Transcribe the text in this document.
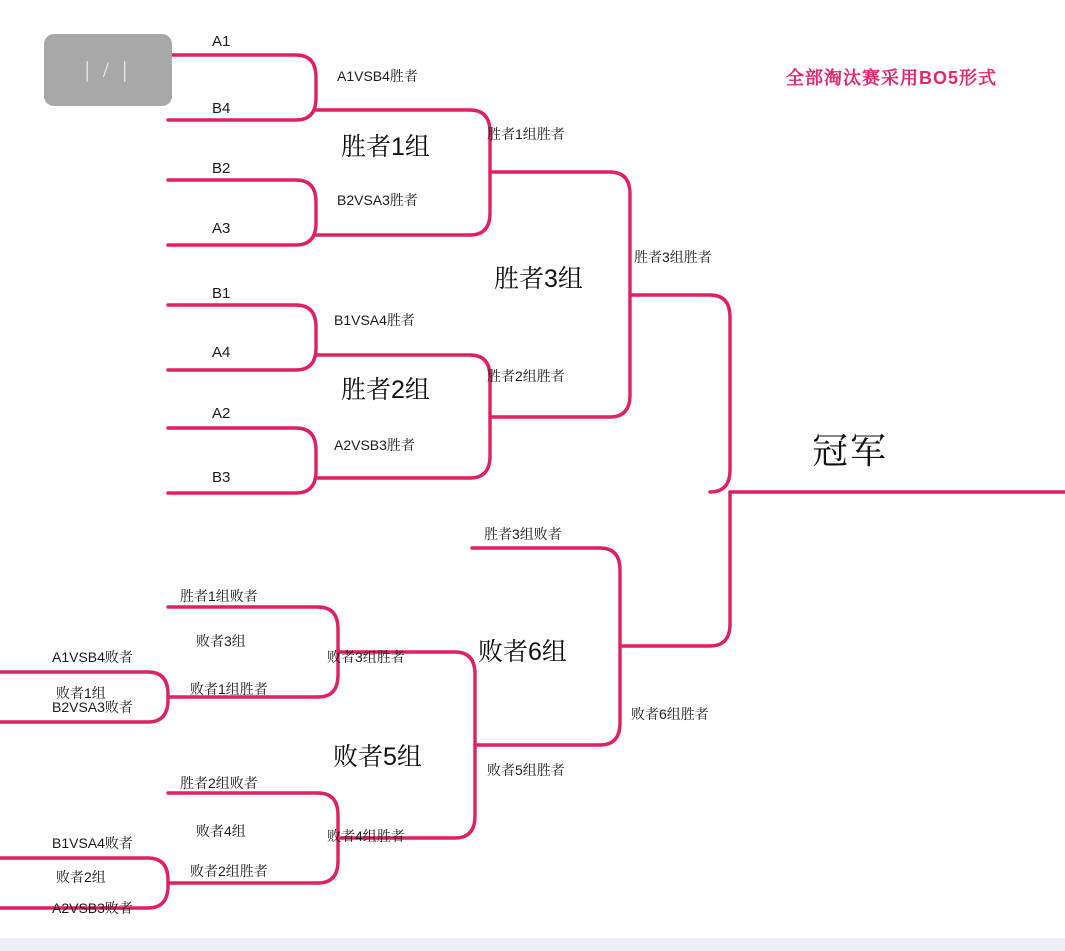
| / |	全部淘汰赛采用BO5形式
A1
B4
B2
A3
B1
A4
A2
B3
A1VSB4胜者
B2VSA3胜者
B1VSA4胜者
A2VSB3胜者
胜者1组
胜者2组
胜者3组
胜者1组胜者
胜者2组胜者
胜者3组胜者
胜者3组败者
胜者1组败者
胜者2组败者
A1VSB4败者
B2VSA3败者
B1VSA4败者
A2VSB3败者
败者1组
败者2组
败者3组
败者4组
败者5组
败者6组
败者1组胜者
败者2组胜者
败者3组胜者
败者4组胜者
败者5组胜者
败者6组胜者
冠军
